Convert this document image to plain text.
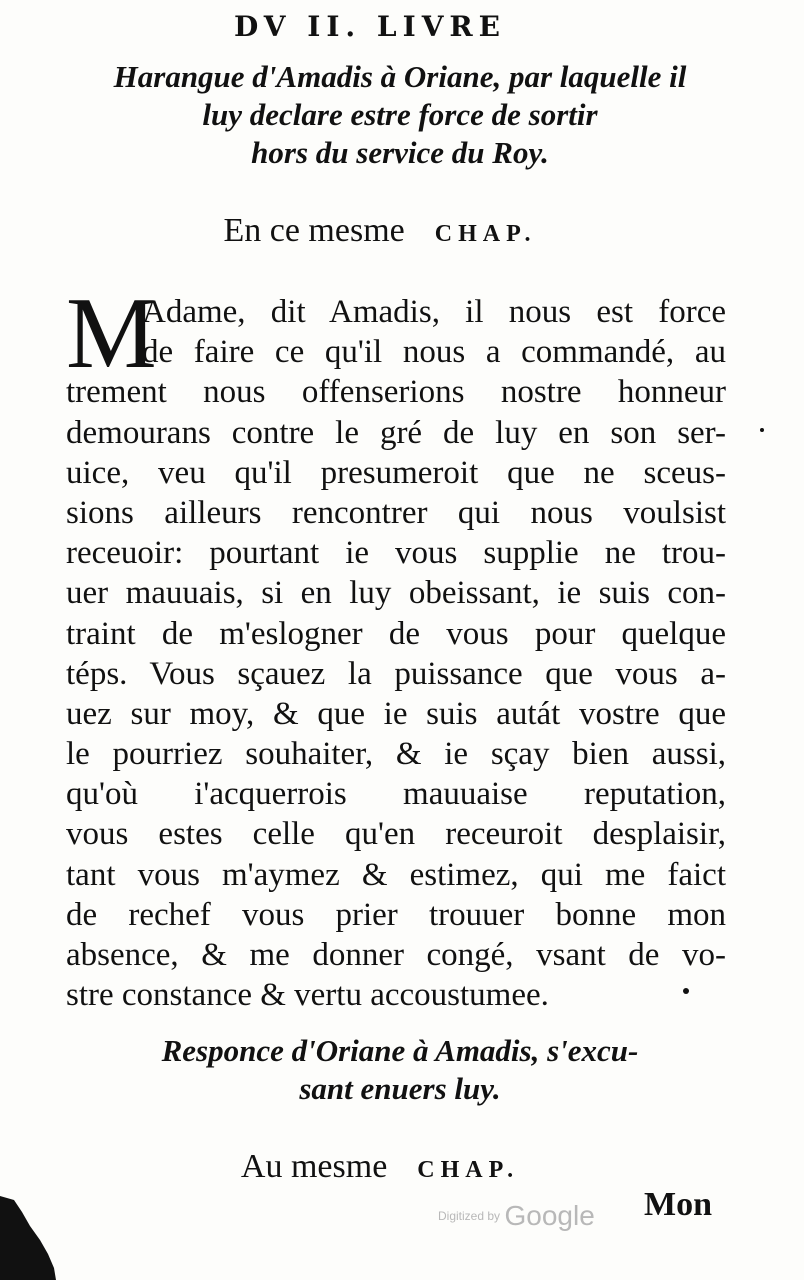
DV II. LIVRE
Harangue d'Amadis à Oriane, par laquelle il
luy declare estre force de sortir
hors du service du Roy.
En ce mesme CHAP.
M
Adame, dit Amadis, il nous est force
de faire ce qu'il nous a commandé, au
trement nous offenserions nostre honneur
demourans contre le gré de luy en son ser-
uice, veu qu'il presumeroit que ne sceus-
sions ailleurs rencontrer qui nous voulsist
receuoir: pourtant ie vous supplie ne trou-
uer mauuais, si en luy obeissant, ie suis con-
traint de m'eslogner de vous pour quelque
téps. Vous sçauez la puissance que vous a-
uez sur moy, & que ie suis autát vostre que
le pourriez souhaiter, & ie sçay bien aussi,
qu'où i'acquerrois mauuaise reputation,
vous estes celle qu'en receuroit desplaisir,
tant vous m'aymez & estimez, qui me faict
de rechef vous prier trouuer bonne mon
absence, & me donner congé, vsant de vo-
stre constance & vertu accoustumee.
Responce d'Oriane à Amadis, s'excu-
sant enuers luy.
Au mesme CHAP.
Mon
Digitized by Google
